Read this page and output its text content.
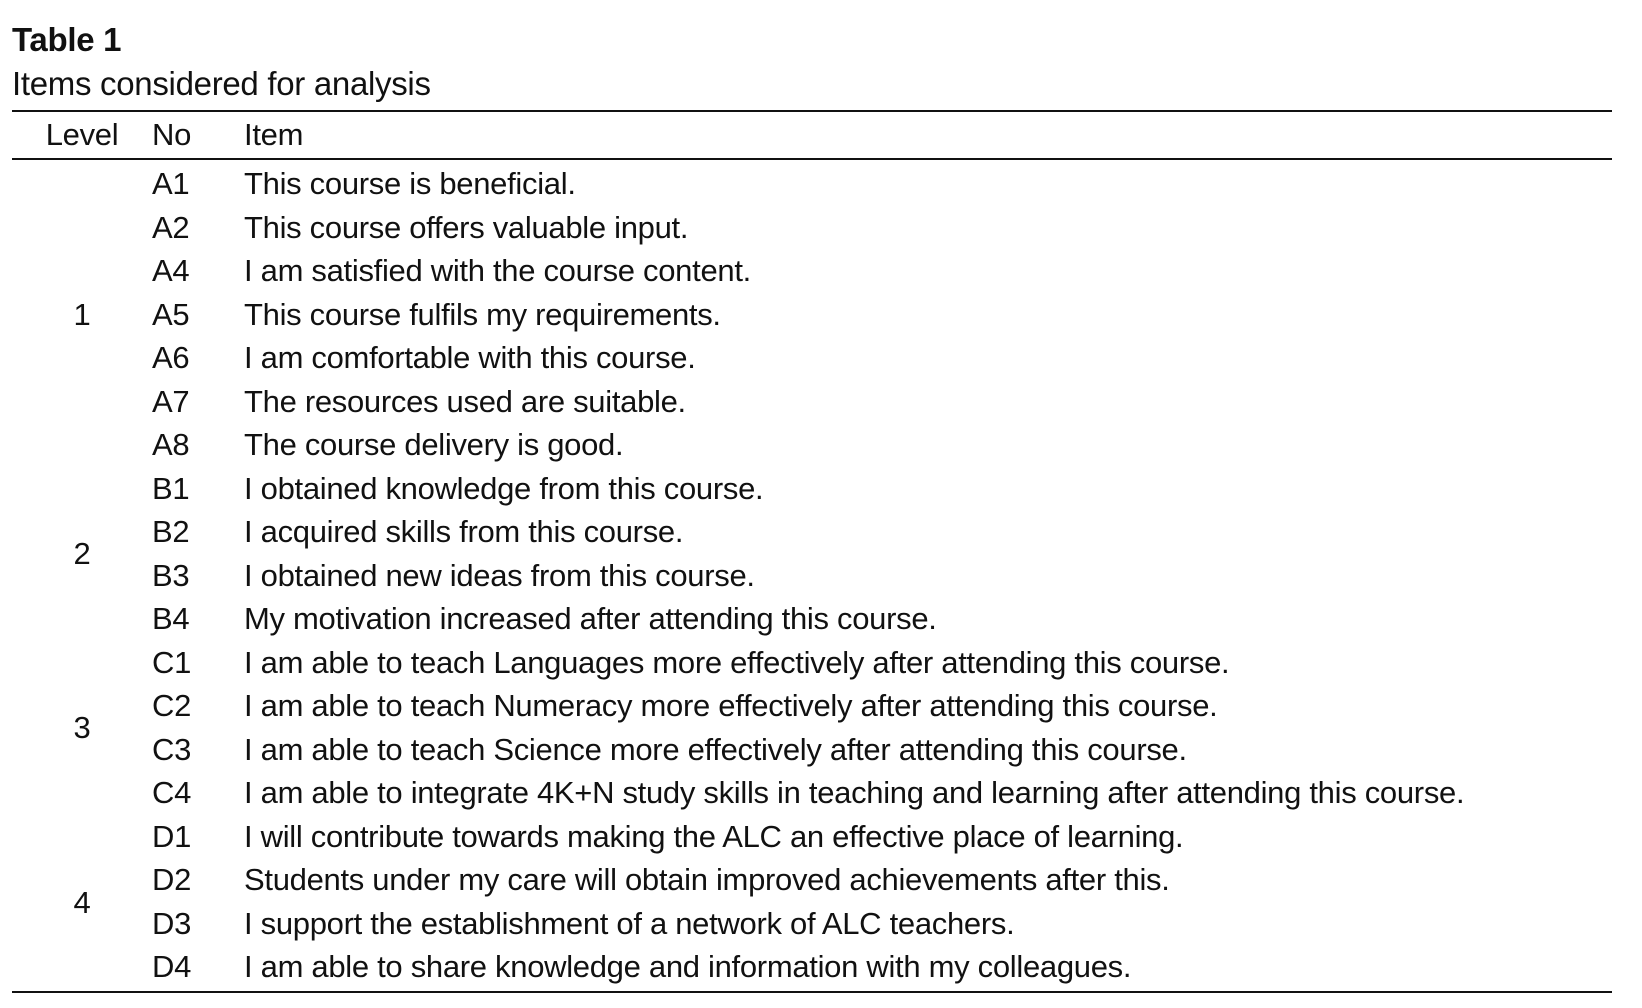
Table 1
Items considered for analysis
Level	No	Item
1	A1	This course is beneficial.
	A2	This course offers valuable input.
	A4	I am satisfied with the course content.
	A5	This course fulfils my requirements.
	A6	I am comfortable with this course.
	A7	The resources used are suitable.
	A8	The course delivery is good.
2	B1	I obtained knowledge from this course.
	B2	I acquired skills from this course.
	B3	I obtained new ideas from this course.
	B4	My motivation increased after attending this course.
3	C1	I am able to teach Languages more effectively after attending this course.
	C2	I am able to teach Numeracy more effectively after attending this course.
	C3	I am able to teach Science more effectively after attending this course.
	C4	I am able to integrate 4K+N study skills in teaching and learning after attending this course.
4	D1	I will contribute towards making the ALC an effective place of learning.
	D2	Students under my care will obtain improved achievements after this.
	D3	I support the establishment of a network of ALC teachers.
	D4	I am able to share knowledge and information with my colleagues.
